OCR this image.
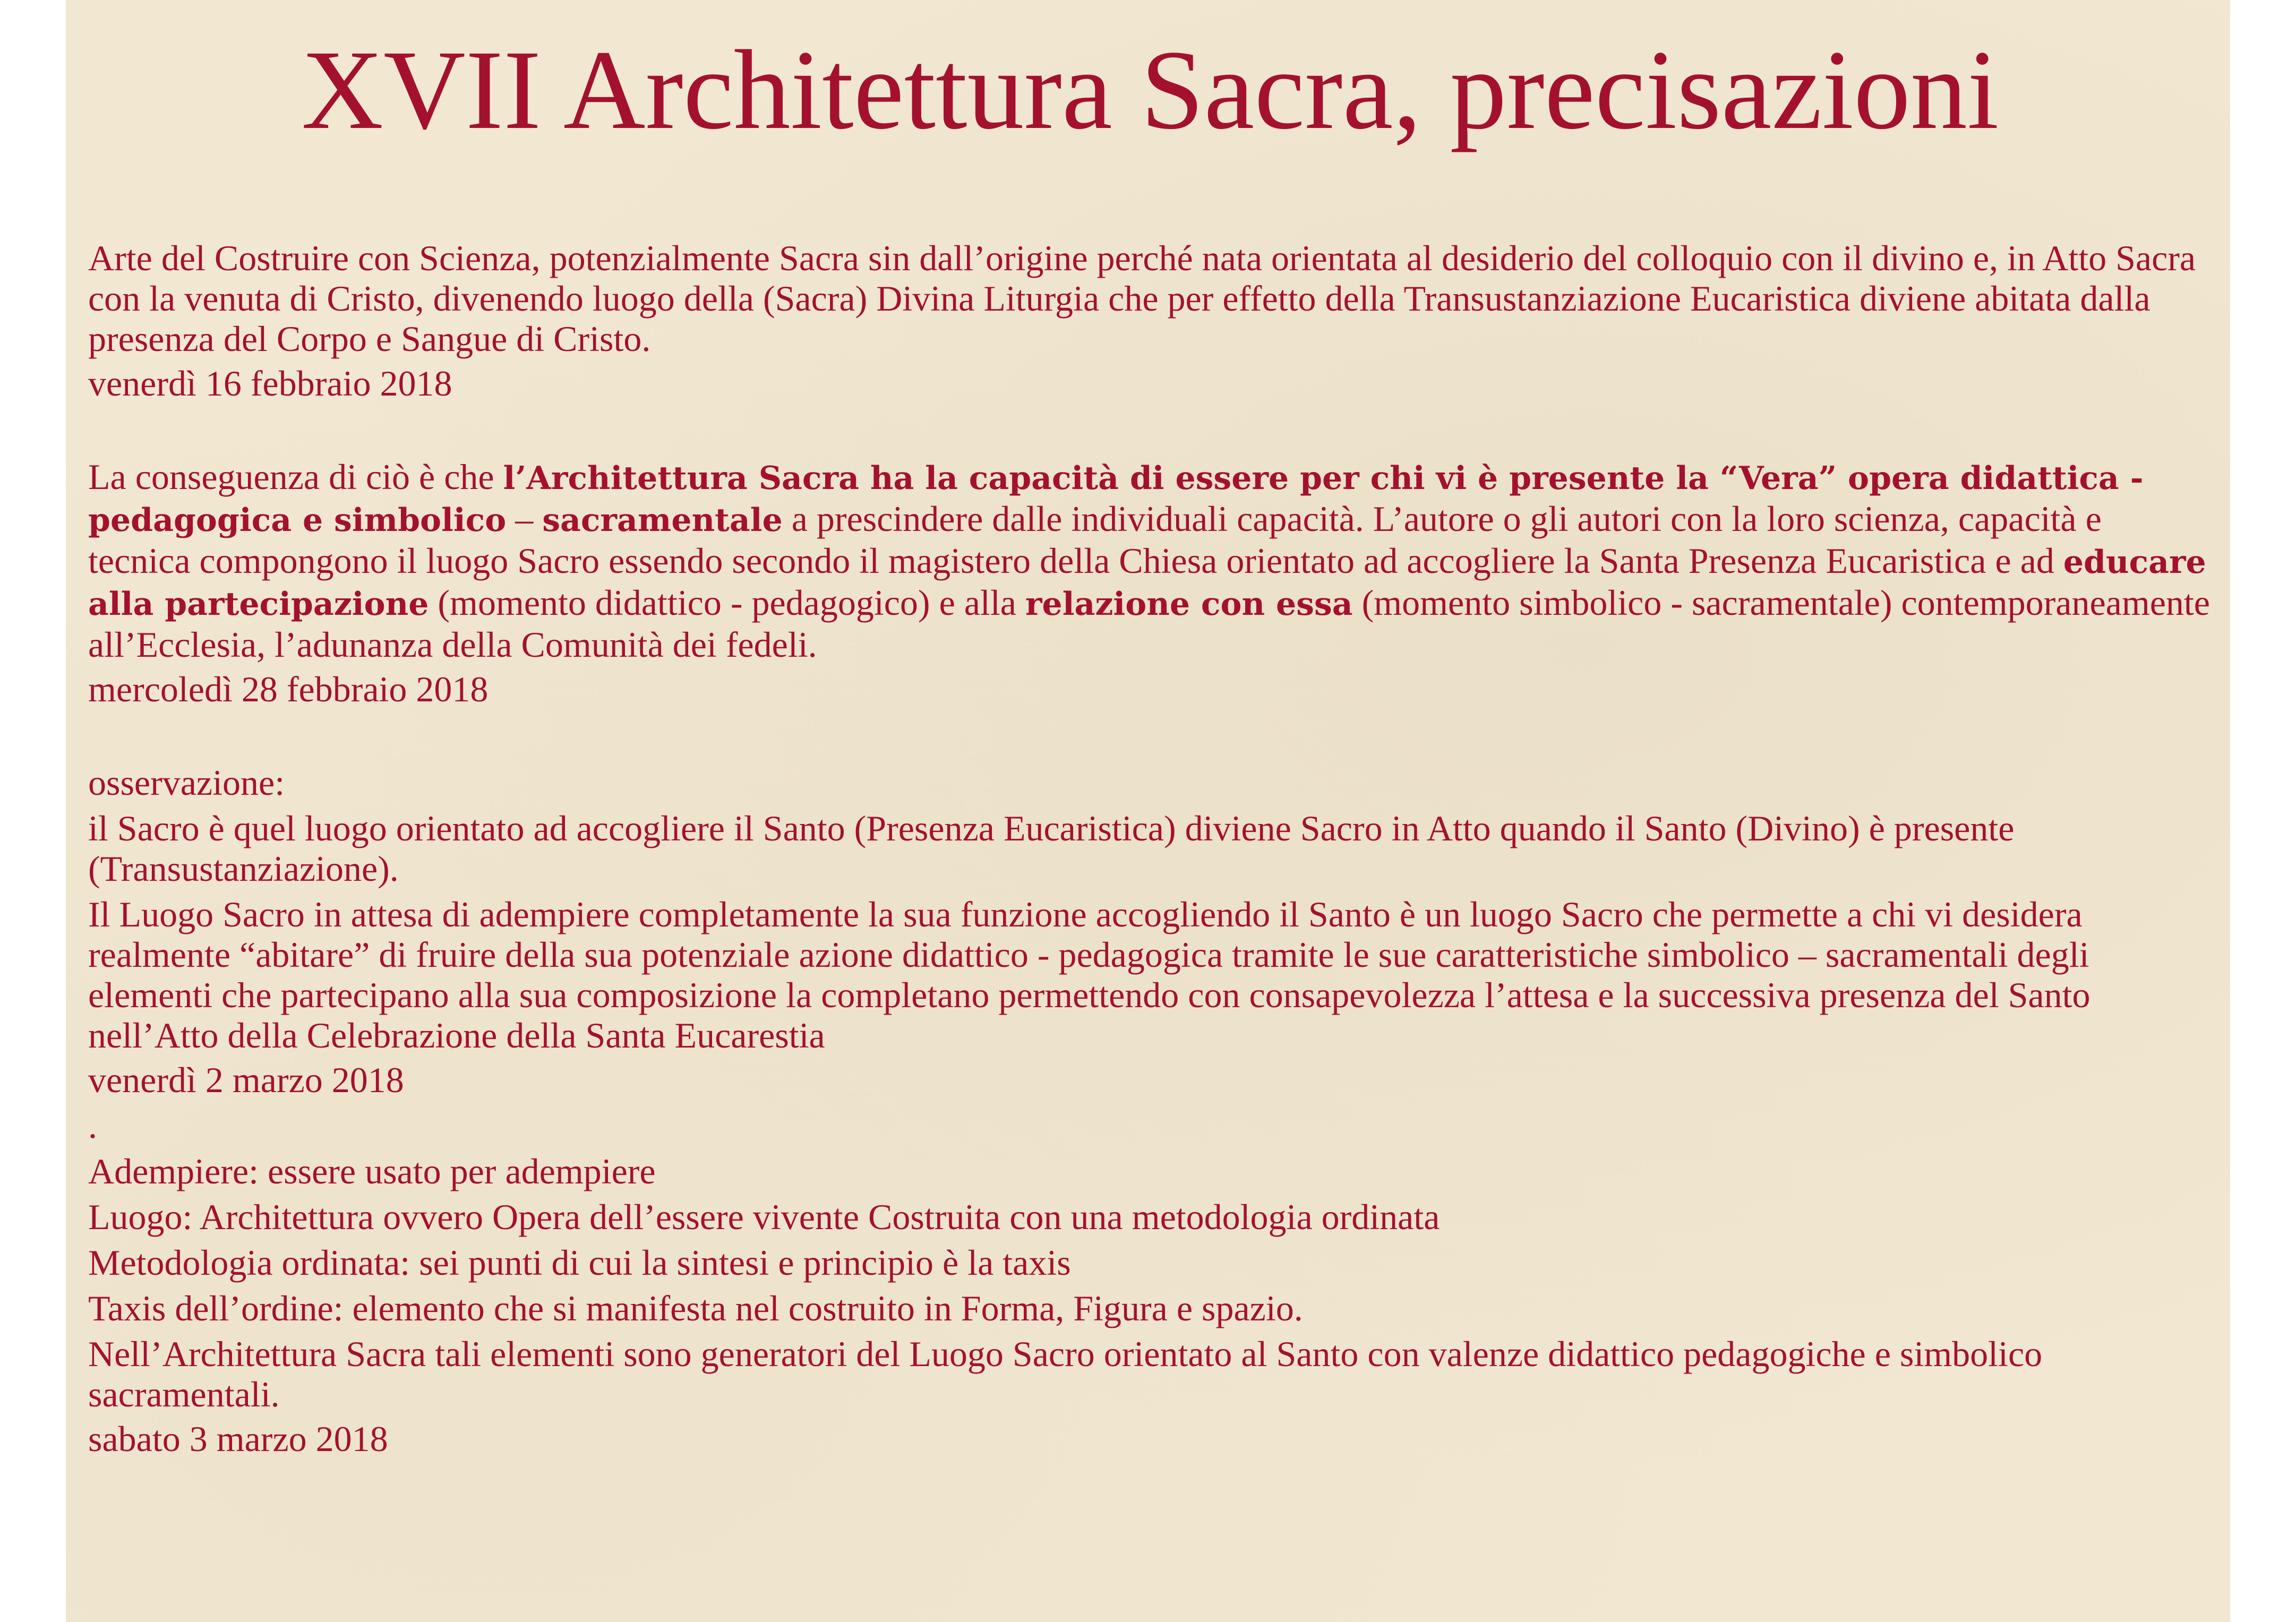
XVII Architettura Sacra, precisazioni

Arte del Costruire con Scienza, potenzialmente Sacra sin dall’origine perché nata orientata al desiderio del colloquio con il divino e, in Atto Sacra con la venuta di Cristo, divenendo luogo della (Sacra) Divina Liturgia che per effetto della Transustanziazione Eucaristica diviene abitata dalla presenza del Corpo e Sangue di Cristo.

venerdì 16 febbraio 2018

La conseguenza di ciò è che l’Architettura Sacra ha la capacità di essere per chi vi è presente la “Vera” opera didattica - pedagogica e simbolico – sacramentale a prescindere dalle individuali capacità. L’autore o gli autori con la loro scienza, capacità e tecnica compongono il luogo Sacro essendo secondo il magistero della Chiesa orientato ad accogliere la Santa Presenza Eucaristica e ad educare alla partecipazione (momento didattico - pedagogico) e alla relazione con essa (momento simbolico - sacramentale) contemporaneamente all’Ecclesia, l’adunanza della Comunità dei fedeli.

mercoledì 28 febbraio 2018

osservazione:

il Sacro è quel luogo orientato ad accogliere il Santo (Presenza Eucaristica) diviene Sacro in Atto quando il Santo (Divino) è presente (Transustanziazione).

Il Luogo Sacro in attesa di adempiere completamente la sua funzione accogliendo il Santo è un luogo Sacro che permette a chi vi desidera realmente “abitare” di fruire della sua potenziale azione didattico - pedagogica tramite le sue caratteristiche simbolico – sacramentali degli elementi che partecipano alla sua composizione la completano permettendo con consapevolezza l’attesa e la successiva presenza del Santo nell’Atto della Celebrazione della Santa Eucarestia

venerdì 2 marzo 2018

.

Adempiere: essere usato per adempiere

Luogo: Architettura ovvero Opera dell’essere vivente Costruita con una metodologia ordinata

Metodologia ordinata: sei punti di cui la sintesi e principio è la taxis

Taxis dell’ordine: elemento che si manifesta nel costruito in Forma, Figura e spazio.

Nell’Architettura Sacra tali elementi sono generatori del Luogo Sacro orientato al Santo con valenze didattico pedagogiche e simbolico sacramentali.

sabato 3 marzo 2018
